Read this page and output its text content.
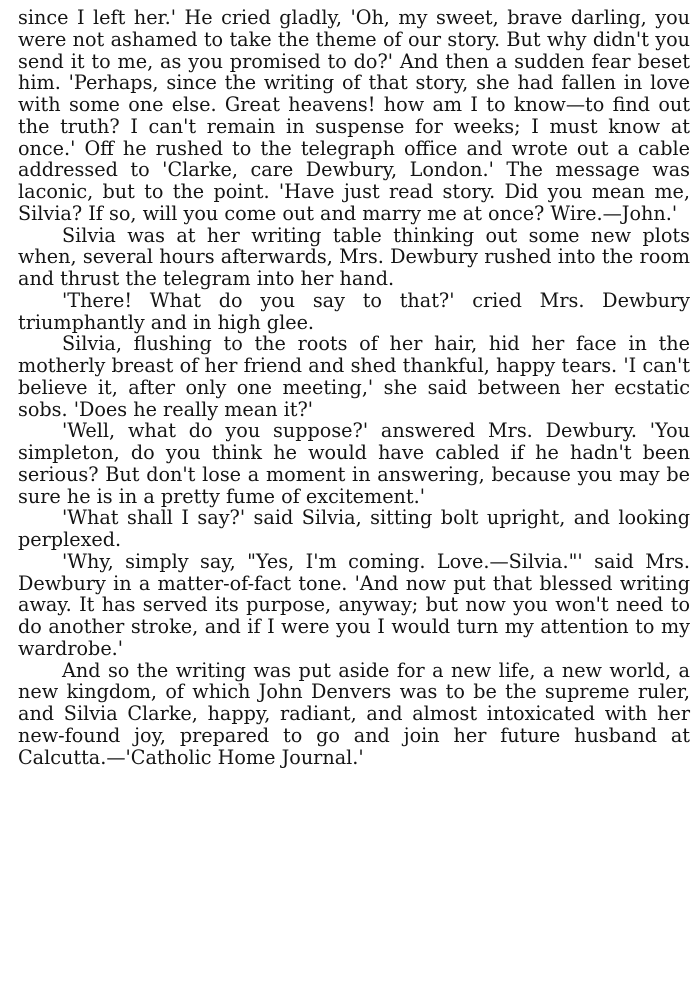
since I left her.' He cried gladly, 'Oh, my sweet, brave darling, you were not ashamed to take the theme of our story. But why didn't you send it to me, as you promised to do?' And then a sudden fear beset him. 'Perhaps, since the writing of that story, she had fallen in love with some one else. Great heavens! how am I to know—to find out the truth? I can't remain in suspense for weeks; I must know at once.' Off he rushed to the telegraph office and wrote out a cable addressed to 'Clarke, care Dewbury, London.' The message was laconic, but to the point. 'Have just read story. Did you mean me, Silvia? If so, will you come out and marry me at once? Wire.—John.'

Silvia was at her writing table thinking out some new plots when, several hours afterwards, Mrs. Dewbury rushed into the room and thrust the telegram into her hand.

'There! What do you say to that?' cried Mrs. Dewbury triumphantly and in high glee.

Silvia, flushing to the roots of her hair, hid her face in the motherly breast of her friend and shed thankful, happy tears. 'I can't believe it, after only one meeting,' she said between her ecstatic sobs. 'Does he really mean it?'

'Well, what do you suppose?' answered Mrs. Dewbury. 'You simpleton, do you think he would have cabled if he hadn't been serious? But don't lose a moment in answering, because you may be sure he is in a pretty fume of excitement.'

'What shall I say?' said Silvia, sitting bolt upright, and looking perplexed.

'Why, simply say, "Yes, I'm coming. Love.—Silvia."' said Mrs. Dewbury in a matter-of-fact tone. 'And now put that blessed writing away. It has served its purpose, anyway; but now you won't need to do another stroke, and if I were you I would turn my attention to my wardrobe.'

And so the writing was put aside for a new life, a new world, a new kingdom, of which John Denvers was to be the supreme ruler, and Silvia Clarke, happy, radiant, and almost intoxicated with her new-found joy, prepared to go and join her future husband at Calcutta.—'Catholic Home Journal.'
